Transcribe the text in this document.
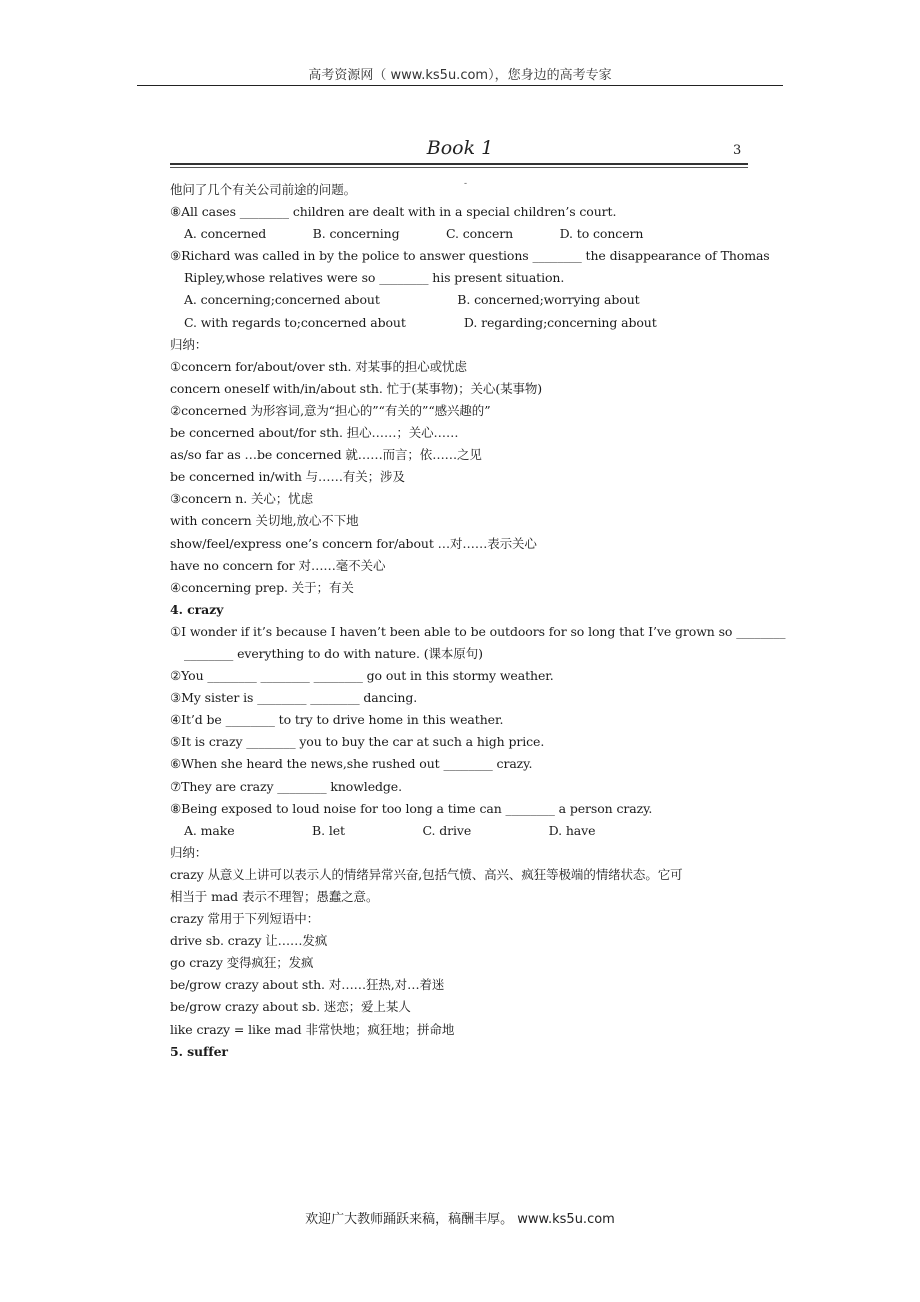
高考资源网（ www.ks5u.com），您身边的高考专家
Book 1	3
他问了几个有关公司前途的问题。
⑧All cases ________ children are dealt with in a special children’s court.
A. concerned            B. concerning            C. concern            D. to concern
⑨Richard was called in by the police to answer questions ________ the disappearance of Thomas
Ripley,whose relatives were so ________ his present situation.
A. concerning;concerned about                    B. concerned;worrying about
C. with regards to;concerned about               D. regarding;concerning about
归纳：
①concern for/about/over sth. 对某事的担心或忧虑
concern oneself with/in/about sth. 忙于(某事物)；关心(某事物)
②concerned 为形容词,意为“担心的”“有关的”“感兴趣的”
be concerned about/for sth. 担心……；关心……
as/so far as …be concerned 就……而言；依……之见
be concerned in/with 与……有关；涉及
③concern n. 关心；忧虑
with concern 关切地,放心不下地
show/feel/express one’s concern for/about …对……表示关心
have no concern for 对……毫不关心
④concerning prep. 关于；有关
4. crazy
①I wonder if it’s because I haven’t been able to be outdoors for so long that I’ve grown so ________
________ everything to do with nature. (课本原句)
②You ________ ________ ________ go out in this stormy weather.
③My sister is ________ ________ dancing.
④It’d be ________ to try to drive home in this weather.
⑤It is crazy ________ you to buy the car at such a high price.
⑥When she heard the news,she rushed out ________ crazy.
⑦They are crazy ________ knowledge.
⑧Being exposed to loud noise for too long a time can ________ a person crazy.
A. make                    B. let                    C. drive                    D. have
归纳：
crazy 从意义上讲可以表示人的情绪异常兴奋,包括气愤、高兴、疯狂等极端的情绪状态。它可
相当于 mad 表示不理智；愚蠢之意。
crazy 常用于下列短语中：
drive sb. crazy 让……发疯
go crazy 变得疯狂；发疯
be/grow crazy about sth. 对……狂热,对…着迷
be/grow crazy about sb. 迷恋；爱上某人
like crazy = like mad 非常快地；疯狂地；拼命地
5. suffer
-
欢迎广大教师踊跃来稿，稿酬丰厚。 www.ks5u.com
